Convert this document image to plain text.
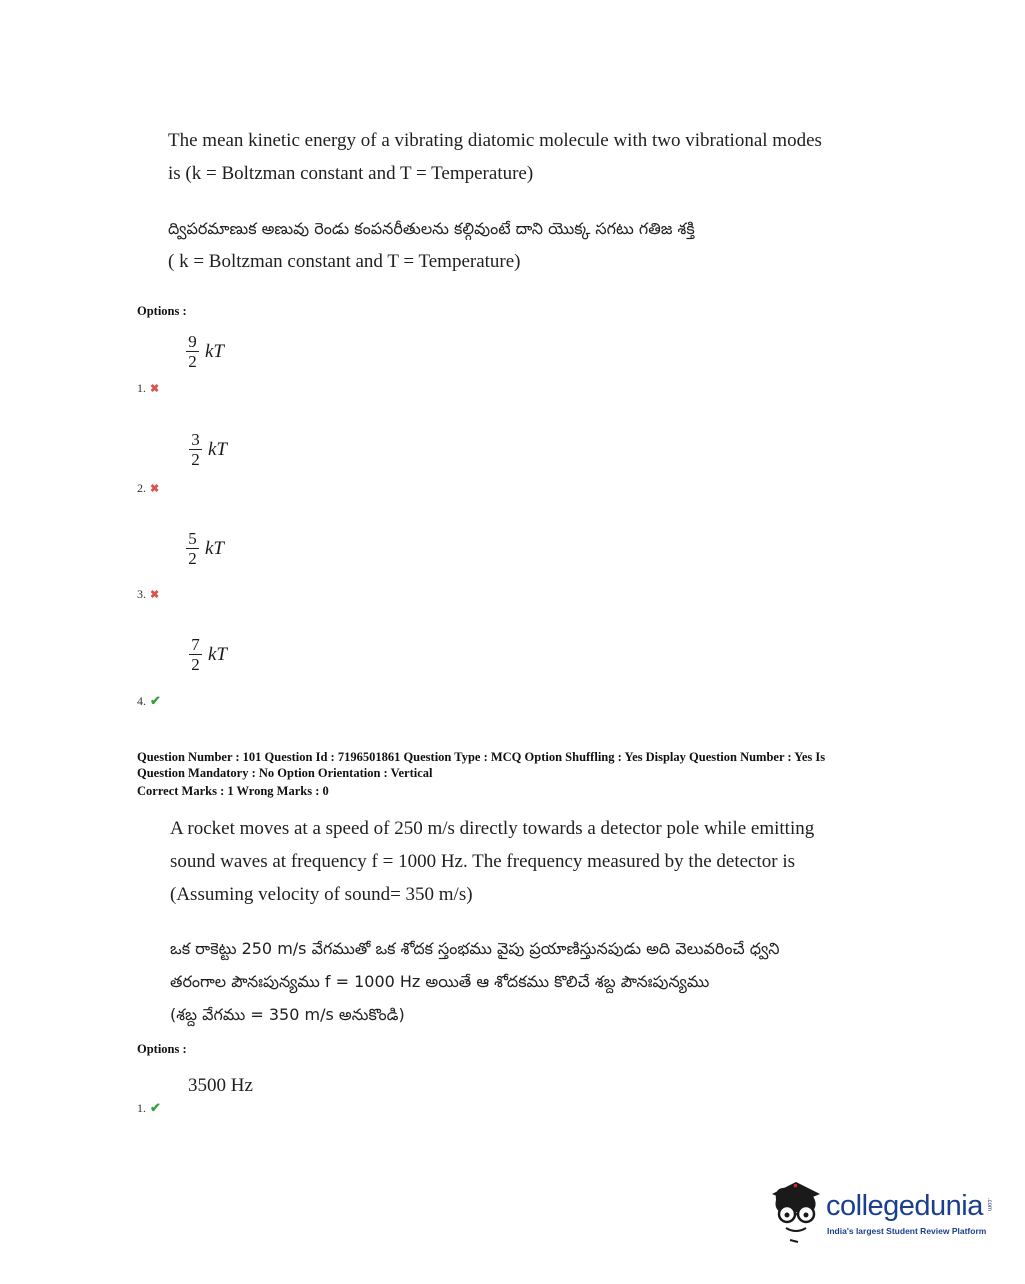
The mean kinetic energy of a vibrating diatomic molecule with two vibrational modes
is (k = Boltzman constant and T = Temperature)
ద్విపరమాణుక అణువు రెండు కంపనరీతులను కల్గివుంటే దాని యొక్క సగటు గతిజ శక్తి
( k = Boltzman constant and T = Temperature)
Options :
$\frac{9}{2}$ kT
1. ✖
$\frac{3}{2}$ kT
2. ✖
$\frac{5}{2}$ kT
3. ✖
$\frac{7}{2}$ kT
4. ✔
Question Number : 101 Question Id : 7196501861 Question Type : MCQ Option Shuffling : Yes Display Question Number : Yes Is
Question Mandatory : No Option Orientation : Vertical
Correct Marks : 1 Wrong Marks : 0
A rocket moves at a speed of 250 m/s directly towards a detector pole while emitting
sound waves at frequency f = 1000 Hz. The frequency measured by the detector is
(Assuming velocity of sound= 350 m/s)
ఒక రాకెట్టు 250 m/s వేగముతో ఒక శోదక స్తంభము వైపు ప్రయాణిస్తునపుడు అది వెలువరించే ధ్వని
తరంగాల పౌనఃపున్యము f = 1000 Hz అయితే ఆ శోదకము కొలిచే శబ్ద పౌనఃపున్యము
(శబ్ద వేగము = 350 m/s అనుకొండి)
Options :
3500 Hz
1. ✔
collegedunia .com
India's largest Student Review Platform
